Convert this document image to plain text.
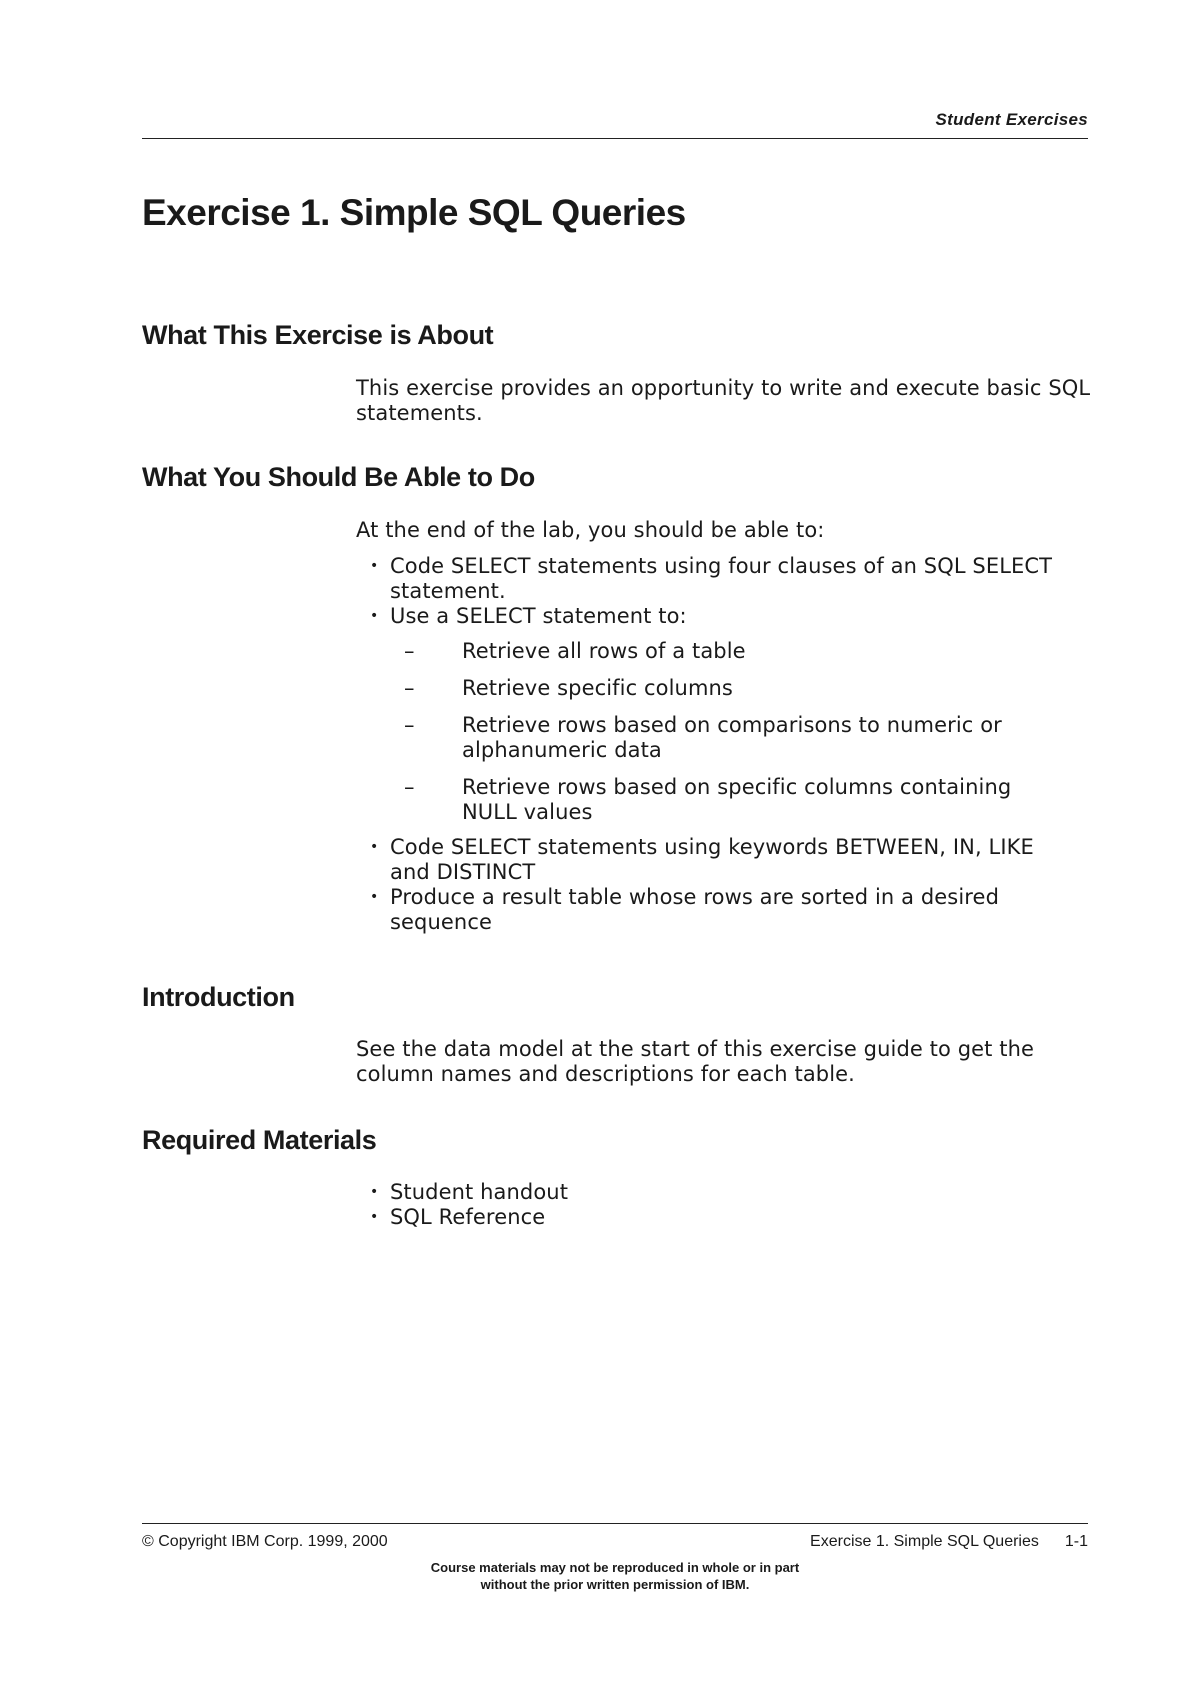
Student Exercises
Exercise 1. Simple SQL Queries
What This Exercise is About

This exercise provides an opportunity to write and execute basic SQL statements.

What You Should Be Able to Do

At the end of the lab, you should be able to:

• Code SELECT statements using four clauses of an SQL SELECT statement.
• Use a SELECT statement to:
– Retrieve all rows of a table
– Retrieve specific columns
– Retrieve rows based on comparisons to numeric or alphanumeric data
– Retrieve rows based on specific columns containing NULL values
• Code SELECT statements using keywords BETWEEN, IN, LIKE and DISTINCT
• Produce a result table whose rows are sorted in a desired sequence
Introduction

See the data model at the start of this exercise guide to get the column names and descriptions for each table.

Required Materials
• Student handout
• SQL Reference
© Copyright IBM Corp. 1999, 2000	Exercise 1. Simple SQL Queries 1-1
Course materials may not be reproduced in whole or in part
without the prior written permission of IBM.
